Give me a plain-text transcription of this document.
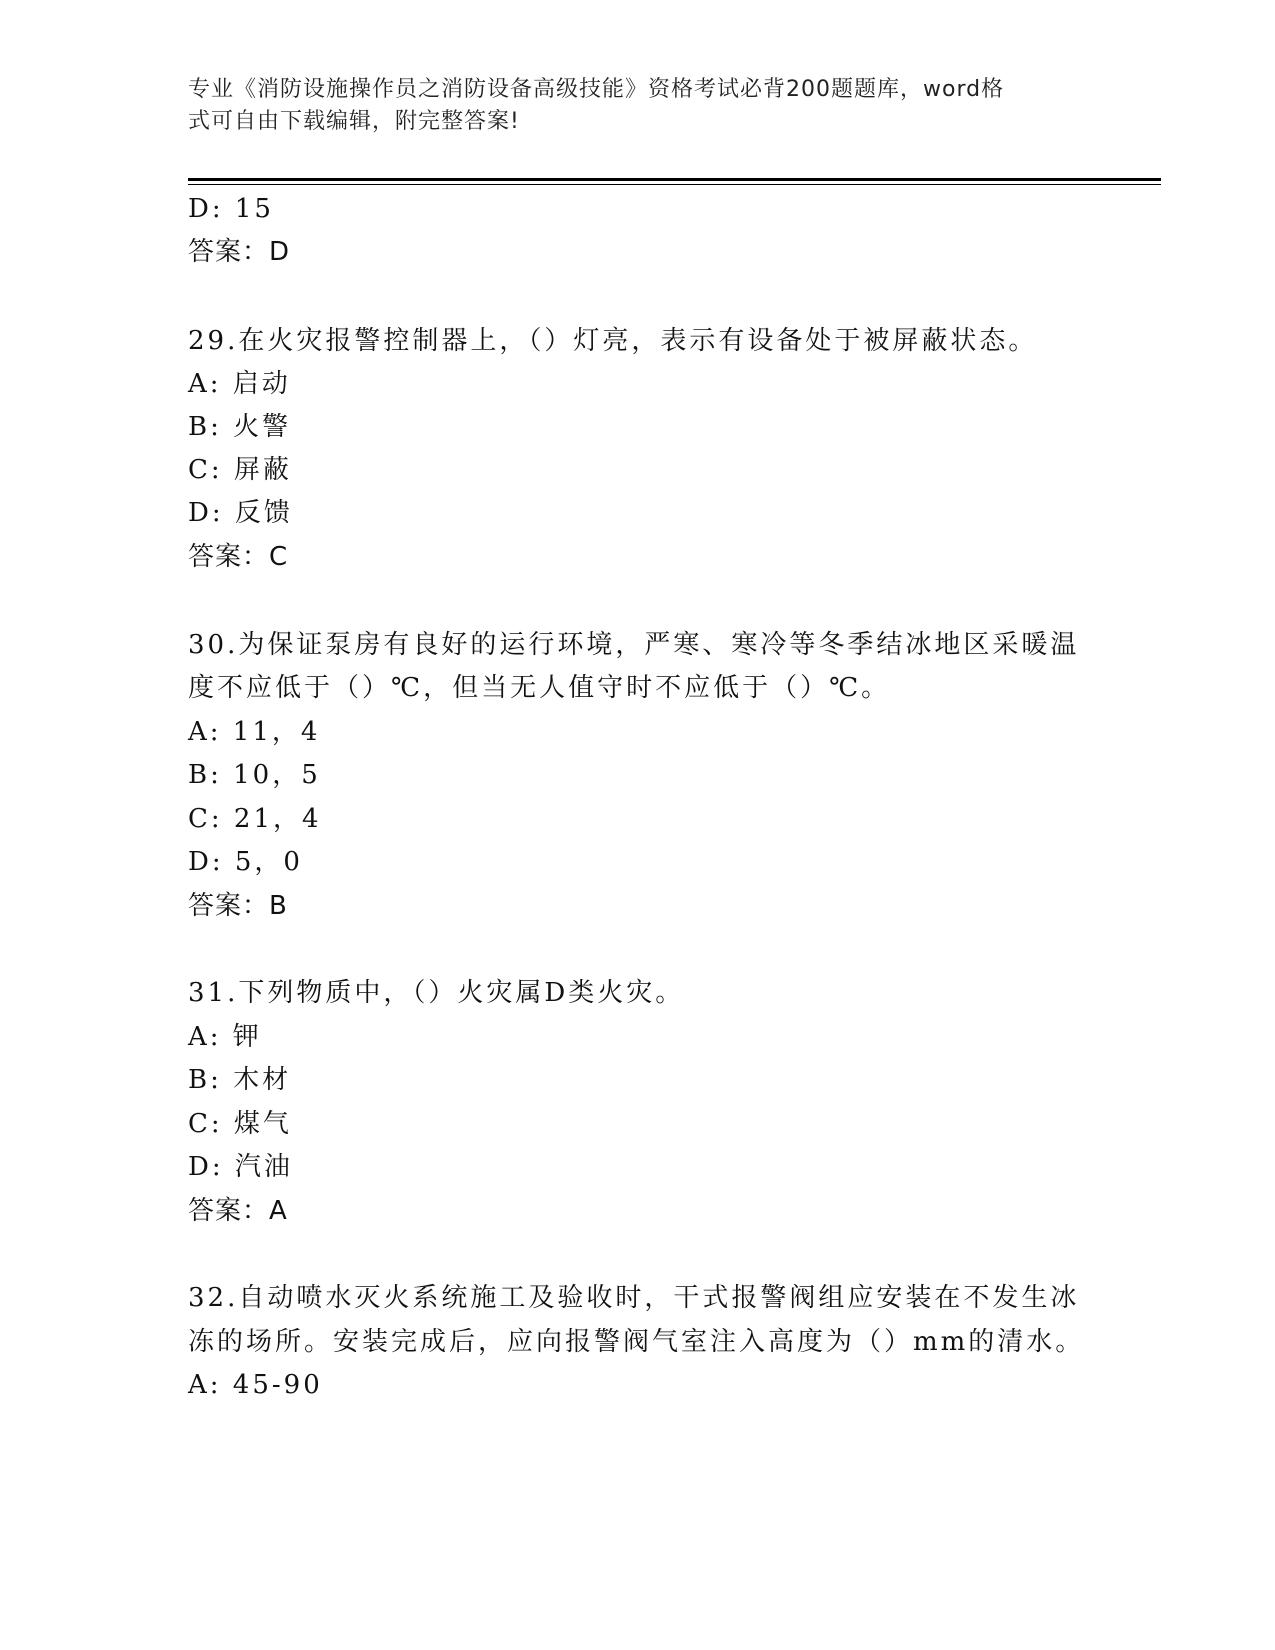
专业《消防设施操作员之消防设备高级技能》资格考试必背200题题库，word格
式可自由下载编辑，附完整答案!
D: 15
答案：D
29.在火灾报警控制器上，（）灯亮，表示有设备处于被屏蔽状态。
A: 启动
B: 火警
C: 屏蔽
D: 反馈
答案：C
30.为保证泵房有良好的运行环境，严寒、寒冷等冬季结冰地区采暖温
度不应低于（）℃，但当无人值守时不应低于（）℃。
A: 11，4
B: 10，5
C: 21，4
D: 5，0
答案：B
31.下列物质中，（）火灾属D类火灾。
A: 钾
B: 木材
C: 煤气
D: 汽油
答案：A
32.自动喷水灭火系统施工及验收时，干式报警阀组应安装在不发生冰
冻的场所。安装完成后，应向报警阀气室注入高度为（）mm的清水。
A: 45-90
